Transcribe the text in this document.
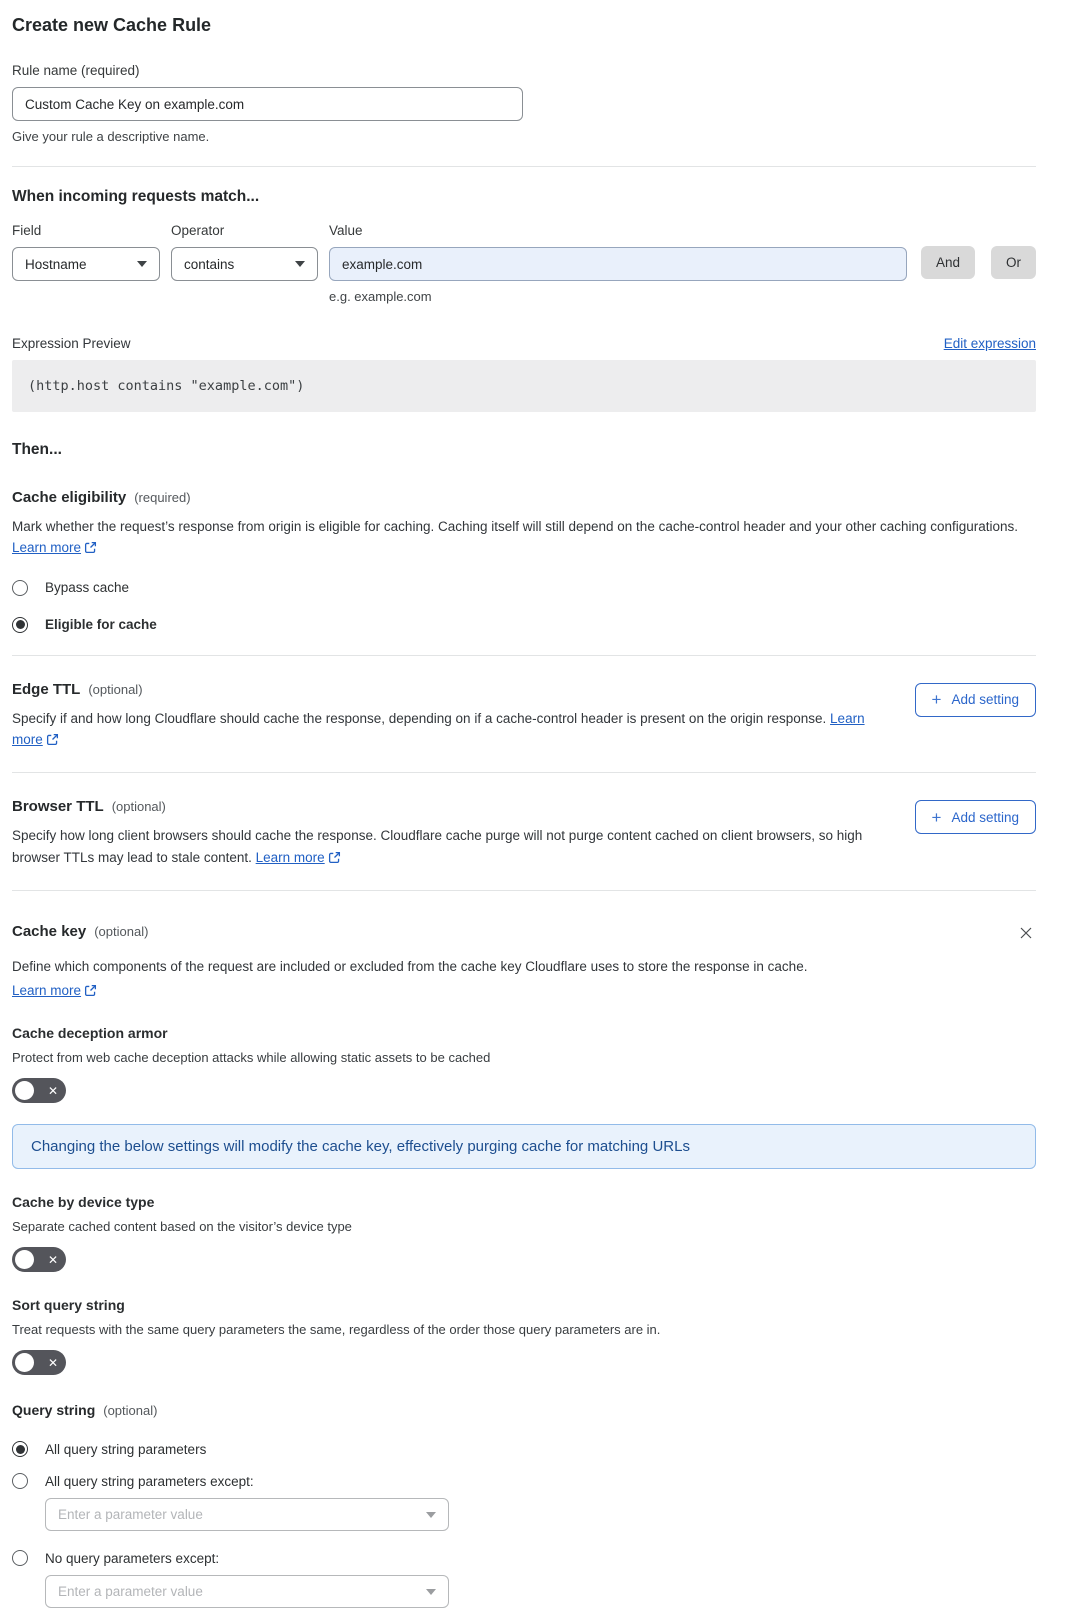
Create new Cache Rule
Rule name (required)
Custom Cache Key on example.com
Give your rule a descriptive name.
When incoming requests match...
Field
Hostname
Operator
contains
Value
example.com
e.g. example.com
And	Or
Expression Preview	Edit expression
(http.host contains "example.com")
Then...
Cache eligibility (required)

Mark whether the request’s response from origin is eligible for caching. Caching itself will still depend on the cache-control header and your other caching configurations. Learn more

Bypass cache
Eligible for cache
Edge TTL (optional)

Specify if and how long Cloudflare should cache the response, depending on if a cache-control header is present on the origin response. Learn more

+ Add setting
Browser TTL (optional)

Specify how long client browsers should cache the response. Cloudflare cache purge will not purge content cached on client browsers, so high browser TTLs may lead to stale content. Learn more

+ Add setting
Cache key (optional)

Define which components of the request are included or excluded from the cache key Cloudflare uses to store the response in cache.

Learn more
Cache deception armor
Protect from web cache deception attacks while allowing static assets to be cached
✕
Changing the below settings will modify the cache key, effectively purging cache for matching URLs
Cache by device type
Separate cached content based on the visitor’s device type
✕
Sort query string
Treat requests with the same query parameters the same, regardless of the order those query parameters are in.
✕
Query string (optional)
All query string parameters
All query string parameters except:
Enter a parameter value
No query parameters except:
Enter a parameter value
